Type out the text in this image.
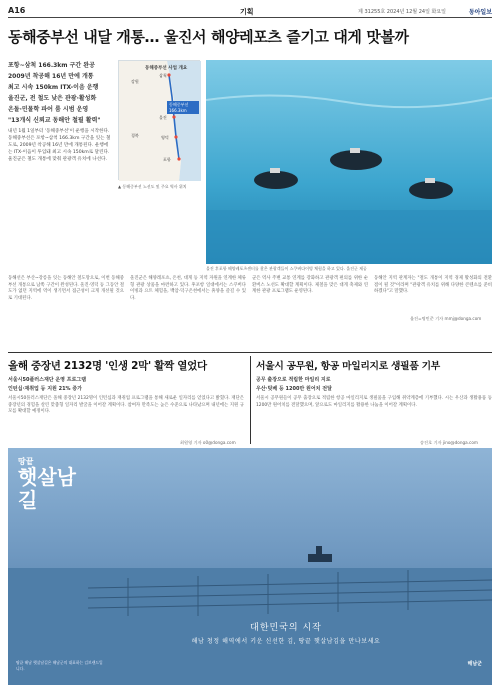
A16	기획	제 31255호 2024년 12월 24일 화요일	동아일보
동해중부선 내달 개통… 울진서 해양레포츠 즐기고 대게 맛볼까
포항~삼척 166.3km 구간 완공
2009년 착공해 16년 만에 개통
최고 시속 150km ITX-이음 운행
울진군, 전 철도 낮은 관광·활성화
온돌·민물학 파어 룸 시범 운영
"13개식 신뢰교 동해안 철필 활력"
내년 1월 1일부터 '동해중부선'이 운행을 시작한다. 동해중부선은 포항~삼척 166.3km 구간을 잇는 철도로, 2009년 착공해 16년 만에 개통된다. 운행에는 ITX-이음이 투입돼 최고 시속 150km로 달린다. 울진군은 철도 개통에 맞춰 관광객 유치에 나선다.
동해중부선 사업 개요
강원
삼척
울진
영덕
포항
경북
동해중부선 166.3km
▲ 동해중부선 노선도 및 주요 역사 위치
울진 후포항 해양레포츠센터를 찾은 관광객들이 스쿠버다이빙 체험을 하고 있다. 울진군 제공
동해선은 부산~강릉을 잇는 동해안 철도망으로, 이번 동해중부선 개통으로 남쪽 구간이 완성된다. 울진·영덕 등 그동안 철도가 없던 지역에 역이 생기면서 접근성이 크게 개선될 것으로 기대된다.
울진군은 해양레포츠, 온천, 대게 등 지역 자원을 연계한 체류형 관광 상품을 마련하고 있다. 후포항 일대에서는 스쿠버다이빙과 요트 체험을, 백암·덕구온천에서는 휴양을 즐길 수 있다.
군은 역사 주변 교통 연계를 강화하고 관광객 편의를 위한 순환버스 노선도 확대할 계획이다. 제철을 맞은 대게 축제와 연계한 관광 프로그램도 운영된다.
동해안 지역 관계자는 "철도 개통이 지역 경제 활성화의 전환점이 될 것"이라며 "관광객 유치를 위해 다양한 콘텐츠를 준비하겠다"고 말했다.
울진=명민준 기자 mmj@donga.com
올해 중장년 2132명 '인생 2막' 활짝 열었다
서울시50플러스재단 운영 프로그램
인턴십·재취업 등 지원 21% 증가
서울시50플러스재단은 올해 중장년 2132명이 인턴십과 재취업 프로그램을 통해 새로운 일자리를 얻었다고 밝혔다. 재단은 중장년의 경험을 살린 맞춤형 일자리 발굴을 이어갈 계획이다. 참여자 만족도는 높은 수준으로 나타났으며 내년에는 지원 규모를 확대할 예정이다.
최원영 기자 o0@donga.com
서울시 공무원, 항공 마일리지로 생필품 기부
공무 출장으로 적립한 마일리 지로
우산·텃베 등 1200만 원어치 전달
서울시 공무원들이 공무 출장으로 적립한 항공 마일리지로 생필품을 구입해 취약계층에 기부했다. 시는 우산과 생활용품 등 1200만 원어치를 전달했으며, 앞으로도 마일리지를 활용한 나눔을 이어갈 계획이다.
송진호 기자 jino@donga.com
땅끝
햇살남길
대한민국의 시작
해남 청정 해역에서 키운 신선한 김, 땅끝 햇살남김을 만나보세요
땅끝 해남 햇살남길은 해남군의 대표하는 김브랜드입니다.
해남군
